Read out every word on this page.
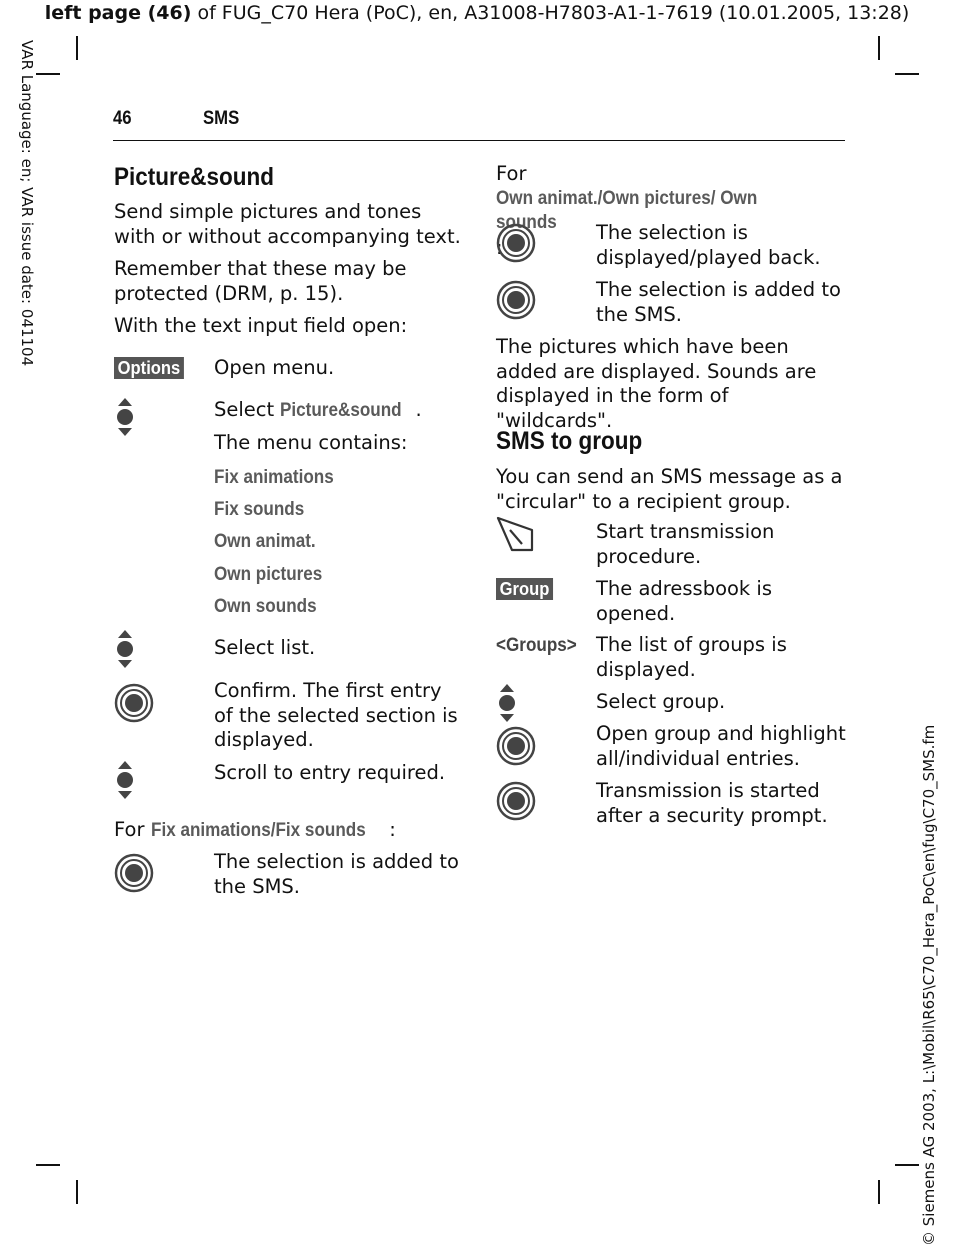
left page (46) of FUG_C70 Hera (PoC), en, A31008-H7803-A1-1-7619 (10.01.2005, 13:28)
VAR Language: en; VAR issue date: 041104
© Siemens AG 2003, L:\Mobil\R65\C70_Hera_PoC\en\fug\C70_SMS.fm
46	SMS
Picture&sound

Send simple pictures and tones with or without accompanying text.

Remember that these may be protected (DRM, p. 15).

With the text input field open:

Options	Open menu.
Select Picture&sound .
The menu contains:
Fix animations
Fix sounds
Own animat.
Own pictures
Own sounds
Select list.
Confirm. The first entry of the selected section is displayed.
Scroll to entry required.

For Fix animations/Fix sounds :

The selection is added to the SMS.

For Own animat./Own pictures/ Own sounds:

The selection is displayed/played back.
The selection is added to the SMS.

The pictures which have been added are displayed. Sounds are displayed in the form of "wildcards".

SMS to group

You can send an SMS message as a "circular" to a recipient group.

Start transmission procedure.
Group	The adressbook is opened.
<Groups> The list of groups is displayed.
Select group.
Open group and highlight all/individual entries.
Transmission is started after a security prompt.
